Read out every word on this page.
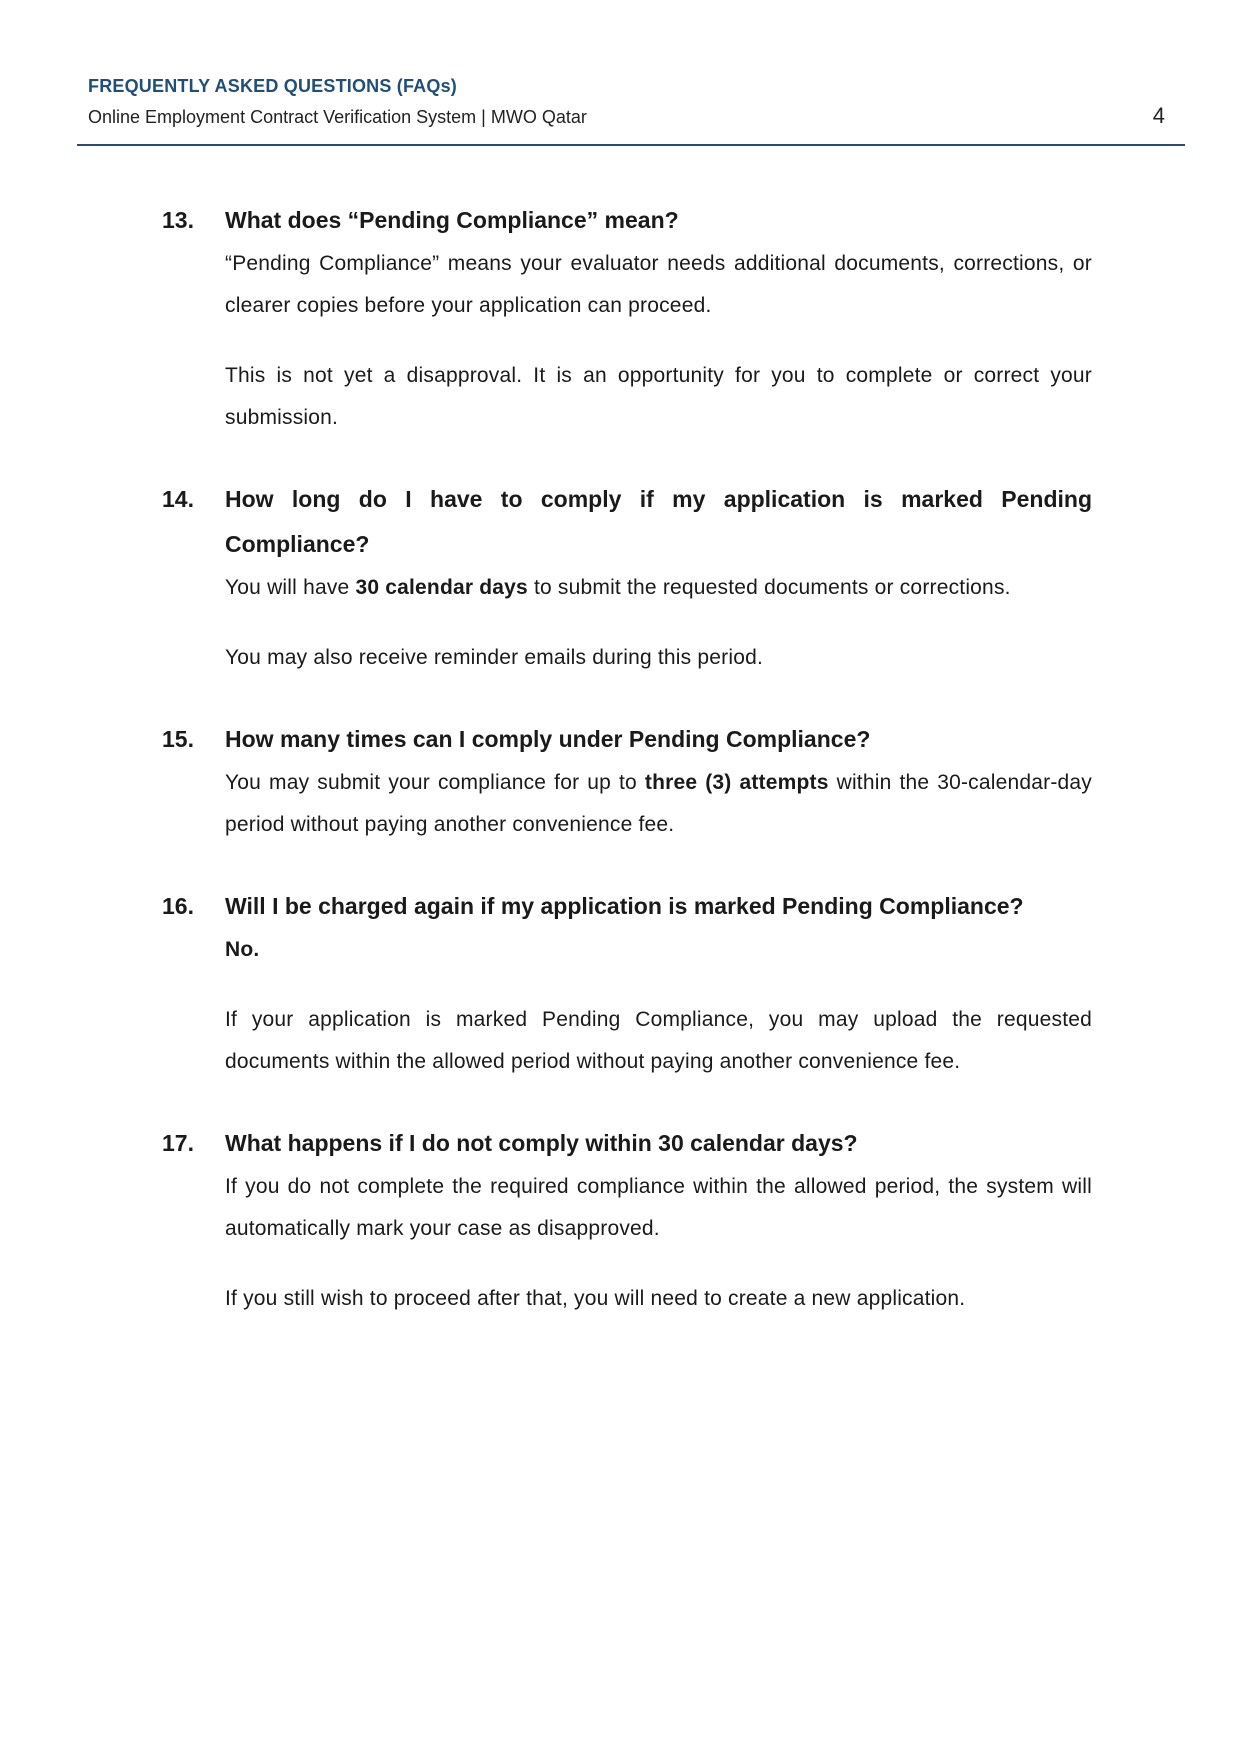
FREQUENTLY ASKED QUESTIONS (FAQs)
Online Employment Contract Verification System | MWO Qatar	4
13. What does “Pending Compliance” mean?

“Pending Compliance” means your evaluator needs additional documents, corrections, or clearer copies before your application can proceed.

This is not yet a disapproval. It is an opportunity for you to complete or correct your submission.

14. How long do I have to comply if my application is marked Pending Compliance?

You will have 30 calendar days to submit the requested documents or corrections.

You may also receive reminder emails during this period.

15. How many times can I comply under Pending Compliance?

You may submit your compliance for up to three (3) attempts within the 30-calendar-day period without paying another convenience fee.

16. Will I be charged again if my application is marked Pending Compliance?

No.

If your application is marked Pending Compliance, you may upload the requested documents within the allowed period without paying another convenience fee.

17. What happens if I do not comply within 30 calendar days?

If you do not complete the required compliance within the allowed period, the system will automatically mark your case as disapproved.

If you still wish to proceed after that, you will need to create a new application.
